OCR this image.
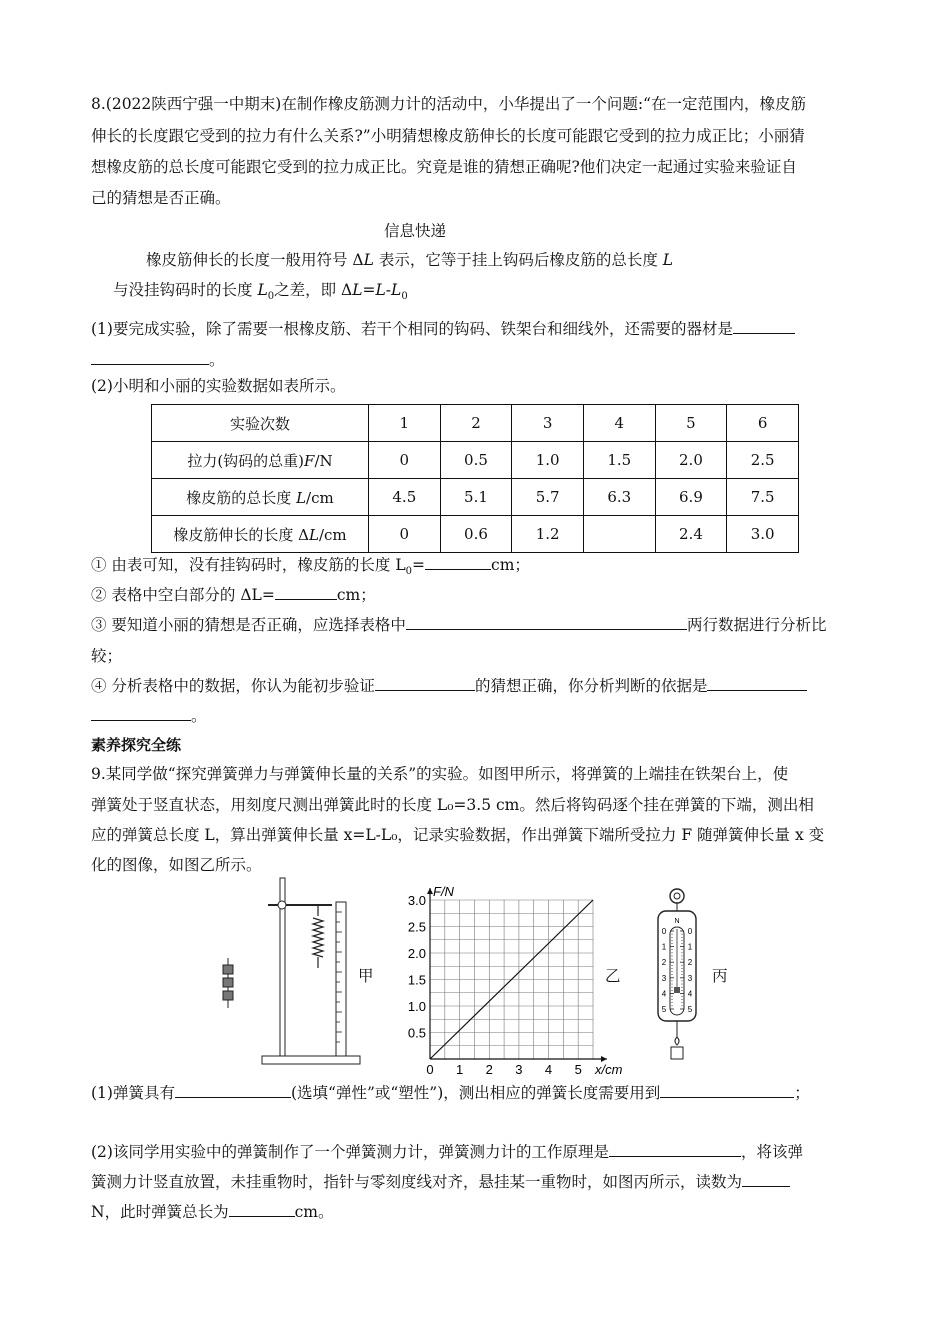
8.(2022陕西宁强一中期末)在制作橡皮筋测力计的活动中，小华提出了一个问题:“在一定范围内，橡皮筋
伸长的长度跟它受到的拉力有什么关系?”小明猜想橡皮筋伸长的长度可能跟它受到的拉力成正比；小丽猜
想橡皮筋的总长度可能跟它受到的拉力成正比。究竟是谁的猜想正确呢?他们决定一起通过实验来验证自
己的猜想是否正确。
信息快递
橡皮筋伸长的长度一般用符号 ΔL 表示，它等于挂上钩码后橡皮筋的总长度 L
与没挂钩码时的长度 $L_0$之差，即 $\Delta L=L-L_0$
(1)要完成实验，除了需要一根橡皮筋、若干个相同的钩码、铁架台和细线外，还需要的器材是
。
(2)小明和小丽的实验数据如表所示。
实验次数	1	2	3	4	5	6
拉力(钩码的总重)F/N	0	0.5	1.0	1.5	2.0	2.5
橡皮筋的总长度 L/cm	4.5	5.1	5.7	6.3	6.9	7.5
橡皮筋伸长的长度 ΔL/cm	0	0.6	1.2		2.4	3.0
① 由表可知，没有挂钩码时，橡皮筋的长度 $L_0=$	cm；
② 表格中空白部分的 ΔL=	cm；
③ 要知道小丽的猜想是否正确，应选择表格中	两行数据进行分析比
较；
④ 分析表格中的数据，你认为能初步验证	的猜想正确，你分析判断的依据是
。
素养探究全练
9.某同学做“探究弹簧弹力与弹簧伸长量的关系”的实验。如图甲所示，将弹簧的上端挂在铁架台上，使
弹簧处于竖直状态，用刻度尺测出弹簧此时的长度 L₀=3.5 cm。然后将钩码逐个挂在弹簧的下端，测出相
应的弹簧总长度 L，算出弹簧伸长量 x=L-L₀，记录实验数据，作出弹簧下端所受拉力 F 随弹簧伸长量 x 变
化的图像，如图乙所示。
甲
0 1 2 3 4 5
0.5
1.0
1.5
2.0
2.5
3.0
x/cm
F/N
乙
N
0	0
1	1
2	2
3	3
4	4
5	5
丙
(1)弹簧具有	(选填“弹性”或“塑性”)，测出相应的弹簧长度需要用到	；
(2)该同学用实验中的弹簧制作了一个弹簧测力计，弹簧测力计的工作原理是	，将该弹
簧测力计竖直放置，未挂重物时，指针与零刻度线对齐，悬挂某一重物时，如图丙所示，读数为
N，此时弹簧总长为	cm。
